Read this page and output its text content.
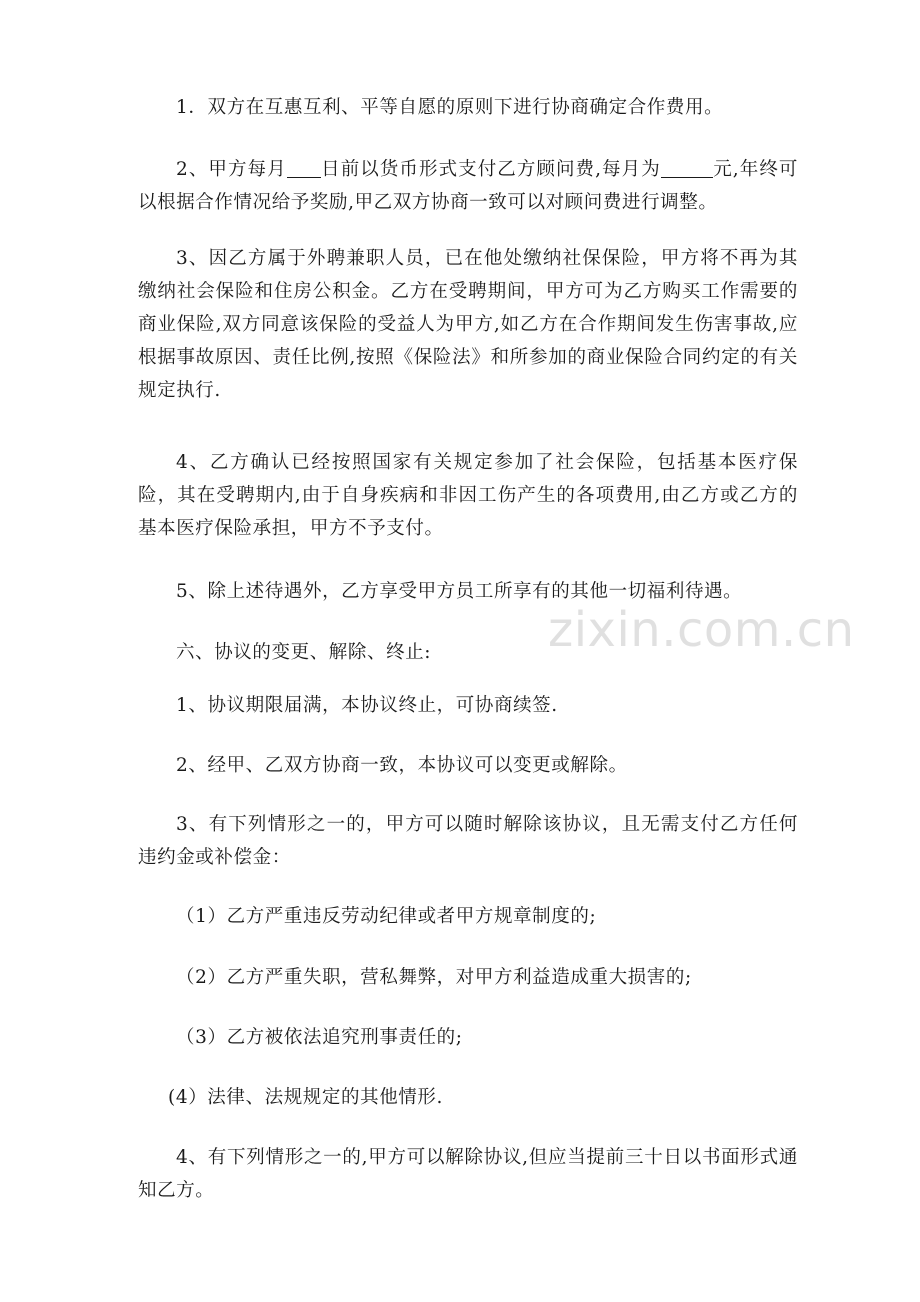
1．双方在互惠互利、平等自愿的原则下进行协商确定合作费用。

2、甲方每月 日前以货币形式支付乙方顾问费,每月为	元,年终可以根据合作情况给予奖励,甲乙双方协商一致可以对顾问费进行调整。

3、因乙方属于外聘兼职人员，已在他处缴纳社保保险，甲方将不再为其缴纳社会保险和住房公积金。乙方在受聘期间，甲方可为乙方购买工作需要的商业保险,双方同意该保险的受益人为甲方,如乙方在合作期间发生伤害事故,应根据事故原因、责任比例,按照《保险法》和所参加的商业保险合同约定的有关规定执行.

4、乙方确认已经按照国家有关规定参加了社会保险，包括基本医疗保险，其在受聘期内,由于自身疾病和非因工伤产生的各项费用,由乙方或乙方的基本医疗保险承担，甲方不予支付。

5、除上述待遇外，乙方享受甲方员工所享有的其他一切福利待遇。

六、协议的变更、解除、终止:

1、协议期限届满，本协议终止，可协商续签.

2、经甲、乙双方协商一致，本协议可以变更或解除。

3、有下列情形之一的，甲方可以随时解除该协议，且无需支付乙方任何违约金或补偿金：

（1）乙方严重违反劳动纪律或者甲方规章制度的;

（2）乙方严重失职，营私舞弊，对甲方利益造成重大损害的;

（3）乙方被依法追究刑事责任的;

(4）法律、法规规定的其他情形.

4、有下列情形之一的,甲方可以解除协议,但应当提前三十日以书面形式通知乙方。

zixin.com.cn
